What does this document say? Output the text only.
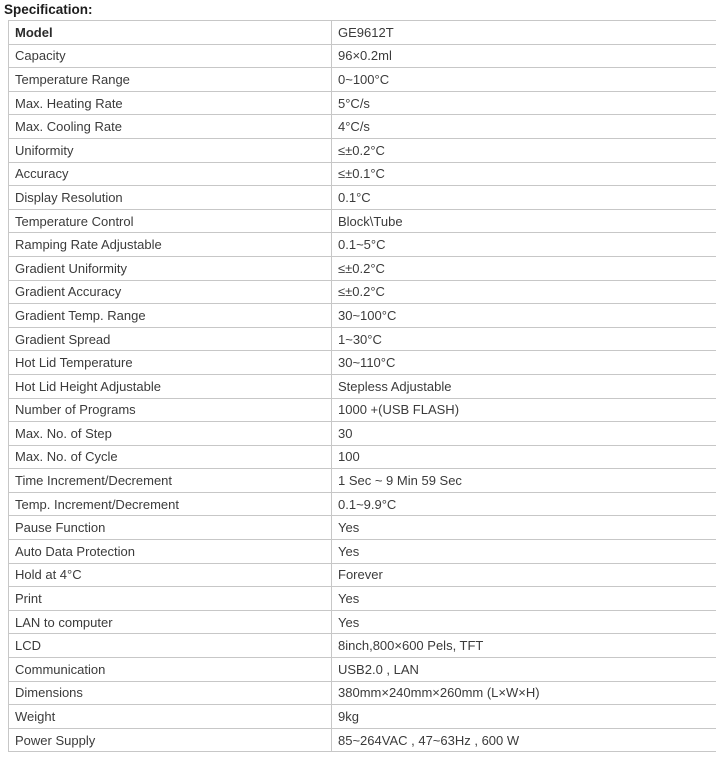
Specification:
Model	GE9612T
Capacity	96×0.2ml
Temperature Range	0~100°C
Max. Heating Rate	5°C/s
Max. Cooling Rate	4°C/s
Uniformity	≤±0.2°C
Accuracy	≤±0.1°C
Display Resolution	0.1°C
Temperature Control	Block\Tube
Ramping Rate Adjustable	0.1~5°C
Gradient Uniformity	≤±0.2°C
Gradient Accuracy	≤±0.2°C
Gradient Temp. Range	30~100°C
Gradient Spread	1~30°C
Hot Lid Temperature	30~110°C
Hot Lid Height Adjustable	Stepless Adjustable
Number of Programs	1000 +(USB FLASH)
Max. No. of Step	30
Max. No. of Cycle	100
Time Increment/Decrement	1 Sec ~ 9 Min 59 Sec
Temp. Increment/Decrement	0.1~9.9°C
Pause Function	Yes
Auto Data Protection	Yes
Hold at 4°C	Forever
Print	Yes
LAN to computer	Yes
LCD	8inch,800×600 Pels, TFT
Communication	USB2.0 , LAN
Dimensions	380mm×240mm×260mm (L×W×H)
Weight	9kg
Power Supply	85~264VAC , 47~63Hz , 600 W
